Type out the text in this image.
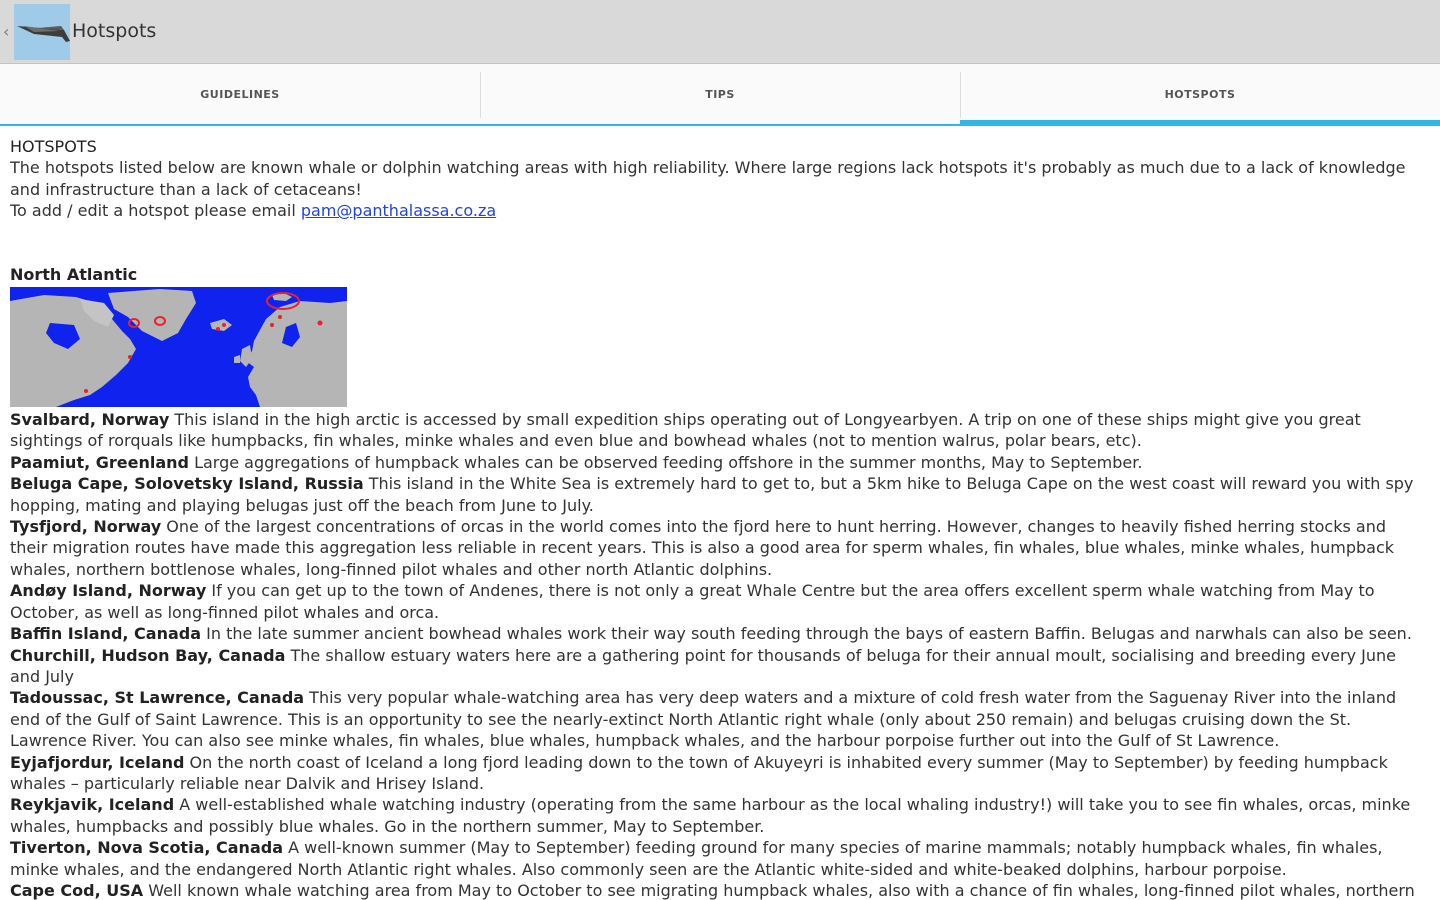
‹	Hotspots
GUIDELINES	TIPS	HOTSPOTS

HOTSPOTS

The hotspots listed below are known whale or dolphin watching areas with high reliability. Where large regions lack hotspots it's probably as much due to a lack of knowledge and infrastructure than a lack of cetaceans!

To add / edit a hotspot please email pam@panthalassa.co.za

North Atlantic

Svalbard, Norway This island in the high arctic is accessed by small expedition ships operating out of Longyearbyen. A trip on one of these ships might give you great sightings of rorquals like humpbacks, fin whales, minke whales and even blue and bowhead whales (not to mention walrus, polar bears, etc).

Paamiut, Greenland Large aggregations of humpback whales can be observed feeding offshore in the summer months, May to September.

Beluga Cape, Solovetsky Island, Russia This island in the White Sea is extremely hard to get to, but a 5km hike to Beluga Cape on the west coast will reward you with spy hopping, mating and playing belugas just off the beach from June to July.

Tysfjord, Norway One of the largest concentrations of orcas in the world comes into the fjord here to hunt herring. However, changes to heavily fished herring stocks and their migration routes have made this aggregation less reliable in recent years. This is also a good area for sperm whales, fin whales, blue whales, minke whales, humpback whales, northern bottlenose whales, long-finned pilot whales and other north Atlantic dolphins.

Andøy Island, Norway If you can get up to the town of Andenes, there is not only a great Whale Centre but the area offers excellent sperm whale watching from May to October, as well as long-finned pilot whales and orca.

Baffin Island, Canada In the late summer ancient bowhead whales work their way south feeding through the bays of eastern Baffin. Belugas and narwhals can also be seen.

Churchill, Hudson Bay, Canada The shallow estuary waters here are a gathering point for thousands of beluga for their annual moult, socialising and breeding every June and July

Tadoussac, St Lawrence, Canada This very popular whale-watching area has very deep waters and a mixture of cold fresh water from the Saguenay River into the inland end of the Gulf of Saint Lawrence. This is an opportunity to see the nearly-extinct North Atlantic right whale (only about 250 remain) and belugas cruising down the St. Lawrence River. You can also see minke whales, fin whales, blue whales, humpback whales, and the harbour porpoise further out into the Gulf of St Lawrence.

Eyjafjordur, Iceland On the north coast of Iceland a long fjord leading down to the town of Akuyeyri is inhabited every summer (May to September) by feeding humpback whales – particularly reliable near Dalvik and Hrisey Island.

Reykjavik, Iceland A well-established whale watching industry (operating from the same harbour as the local whaling industry!) will take you to see fin whales, orcas, minke whales, humpbacks and possibly blue whales. Go in the northern summer, May to September.

Tiverton, Nova Scotia, Canada A well-known summer (May to September) feeding ground for many species of marine mammals; notably humpback whales, fin whales, minke whales, and the endangered North Atlantic right whales. Also commonly seen are the Atlantic white-sided and white-beaked dolphins, harbour porpoise.

Cape Cod, USA Well known whale watching area from May to October to see migrating humpback whales, also with a chance of fin whales, long-finned pilot whales, northern
